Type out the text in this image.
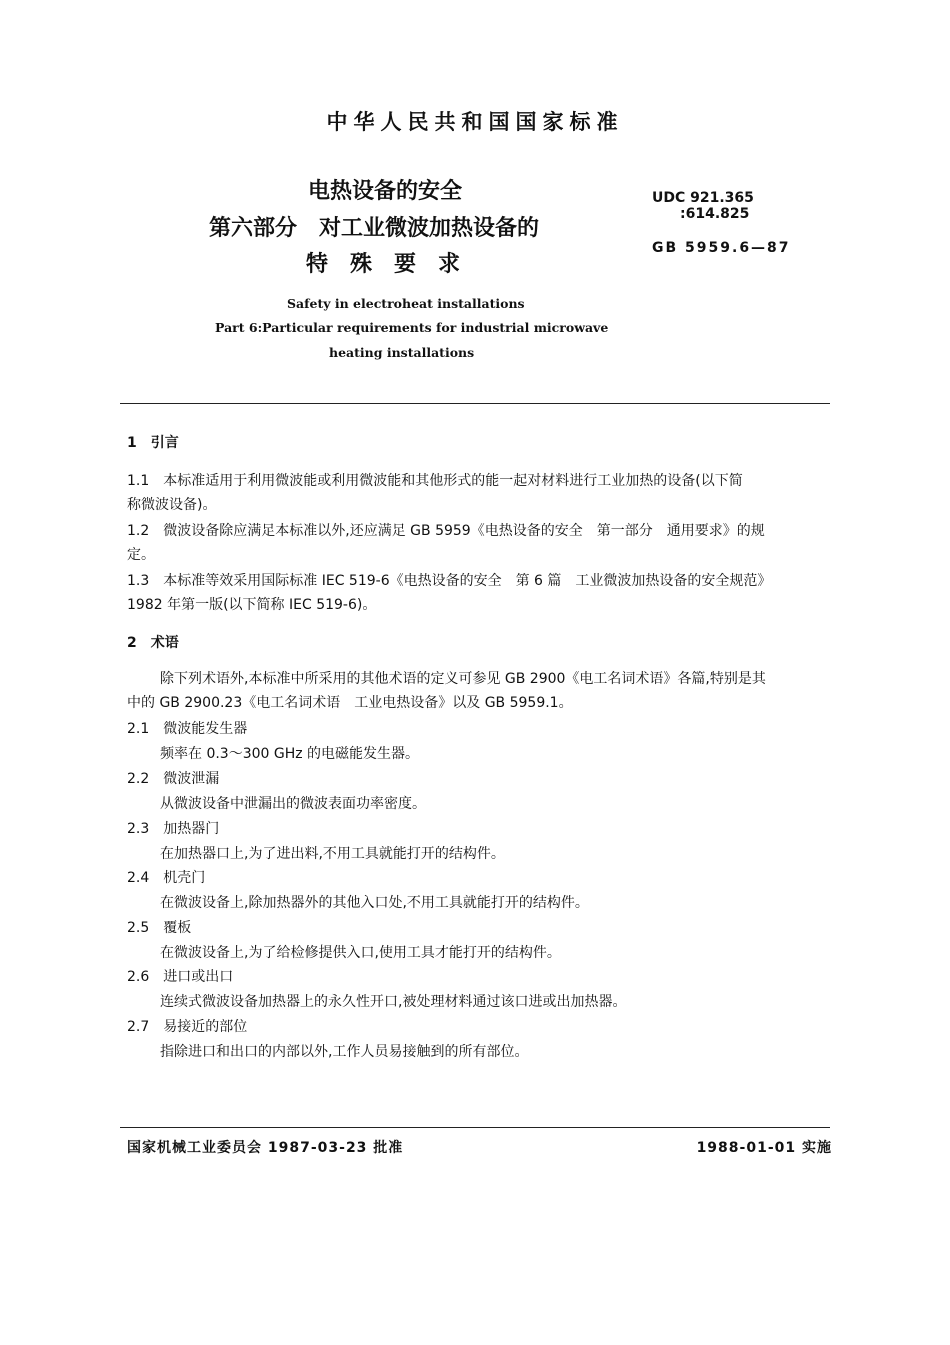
中华人民共和国国家标准
电热设备的安全
第六部分　对工业微波加热设备的
特殊要求
UDC 921.365
:614.825
GB 5959.6—87
Safety in electroheat installations
Part 6:Particular requirements for industrial microwave
heating installations
1　引言
1.1　本标准适用于利用微波能或利用微波能和其他形式的能一起对材料进行工业加热的设备(以下简
称微波设备)。
1.2　微波设备除应满足本标准以外,还应满足 GB 5959《电热设备的安全　第一部分　通用要求》的规
定。
1.3　本标准等效采用国际标准 IEC 519-6《电热设备的安全　第 6 篇　工业微波加热设备的安全规范》
1982 年第一版(以下简称 IEC 519-6)。
2　术语
除下列术语外,本标准中所采用的其他术语的定义可参见 GB 2900《电工名词术语》各篇,特别是其
中的 GB 2900.23《电工名词术语　工业电热设备》以及 GB 5959.1。
2.1　微波能发生器
频率在 0.3～300 GHz 的电磁能发生器。
2.2　微波泄漏
从微波设备中泄漏出的微波表面功率密度。
2.3　加热器门
在加热器口上,为了进出料,不用工具就能打开的结构件。
2.4　机壳门
在微波设备上,除加热器外的其他入口处,不用工具就能打开的结构件。
2.5　覆板
在微波设备上,为了给检修提供入口,使用工具才能打开的结构件。
2.6　进口或出口
连续式微波设备加热器上的永久性开口,被处理材料通过该口进或出加热器。
2.7　易接近的部位
指除进口和出口的内部以外,工作人员易接触到的所有部位。
国家机械工业委员会 1987-03-23 批准	1988-01-01 实施
